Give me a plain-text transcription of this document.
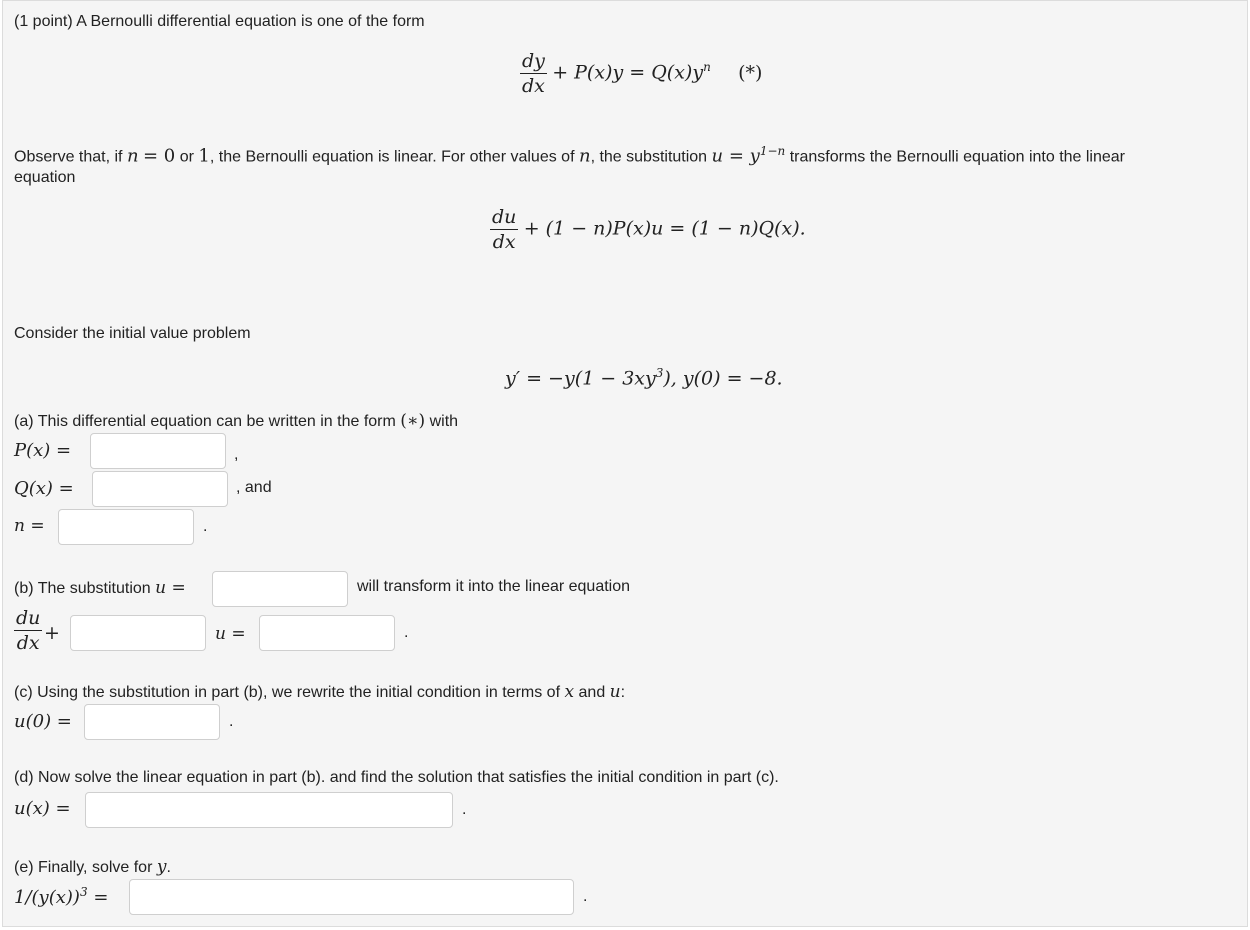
(1 point) A Bernoulli differential equation is one of the form
$\frac{dy}{dx} + P(x)y = Q(x)y^n$ (*)
Observe that, if n = 0 or 1, the Bernoulli equation is linear. For other values of n, the substitution $u = y^{1-n}$ transforms the Bernoulli equation into the linear
equation
$\frac{du}{dx} + (1 - n)P(x)u = (1 - n)Q(x)$.
Consider the initial value problem
$y' = -y(1 - 3xy^3)$, y(0) = −8.
(a) This differential equation can be written in the form (∗) with
P(x) =	,
Q(x) =	, and
n =	.
(b) The substitution u =	will transform it into the linear equation
$\frac{du}{dx}$ +	u =	.
(c) Using the substitution in part (b), we rewrite the initial condition in terms of x and u:
u(0) =	.
(d) Now solve the linear equation in part (b). and find the solution that satisfies the initial condition in part (c).
u(x) =	.
(e) Finally, solve for y.
$1/(y(x))^3$ =	.
